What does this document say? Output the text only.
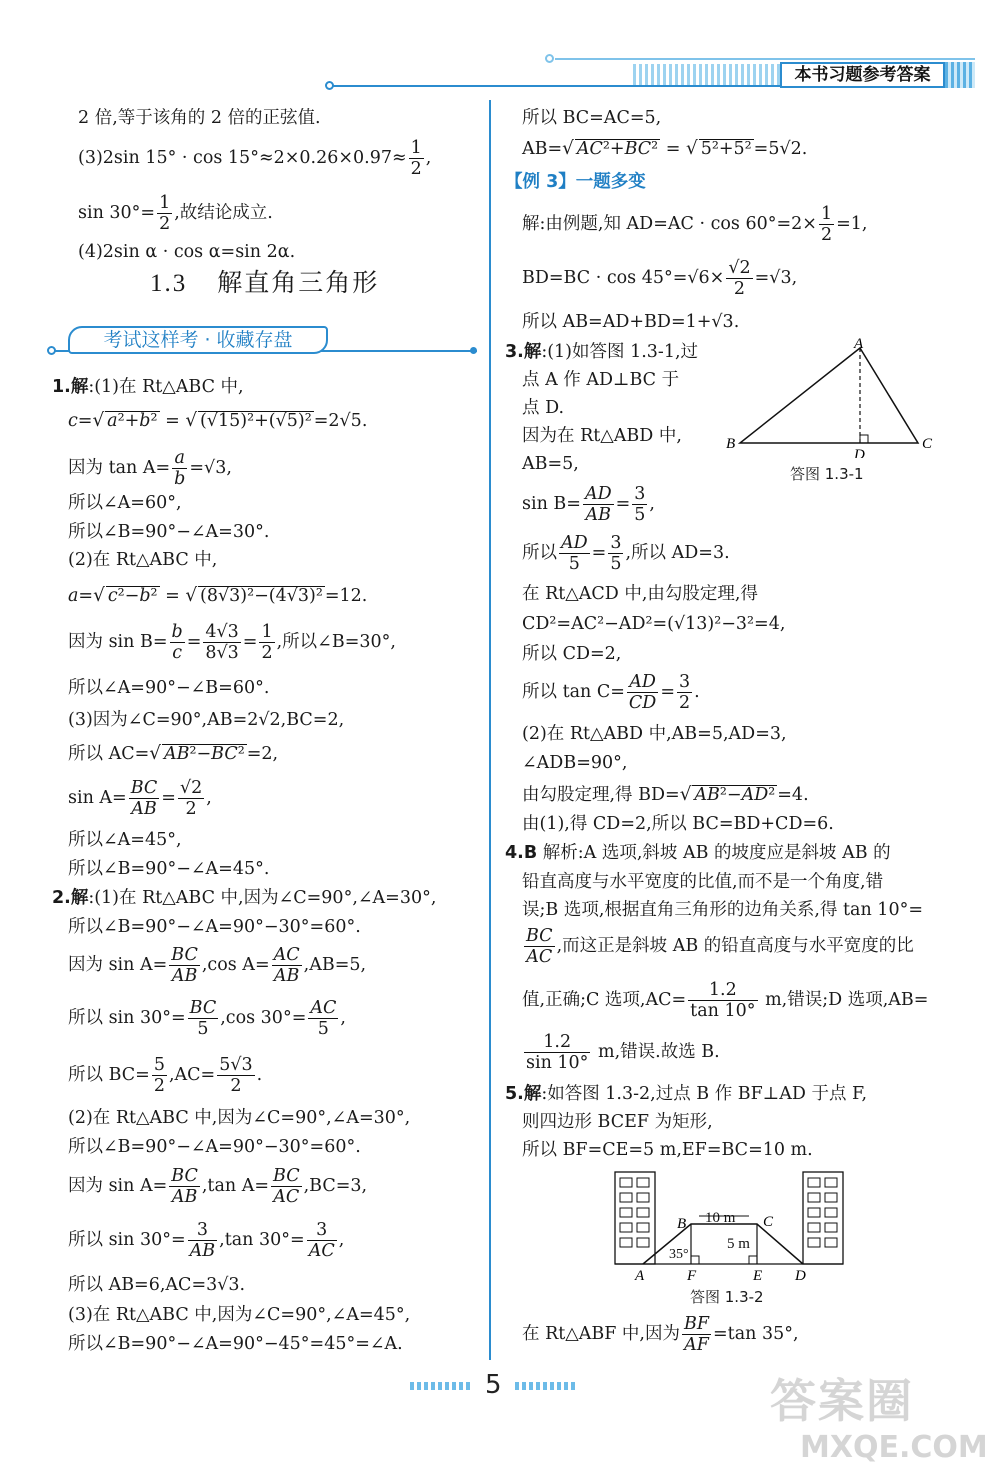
本书习题参考答案
2 倍,等于该角的 2 倍的正弦值.
(3)2sin $15^\circ \cdot \cos 15^\circ\approx 2\times 0.26\times 0.97\approx \frac{1}{2}$ ,
$\sin 30^\circ= \frac{1}{2}$ ,故结论成立.
(4)2sin α · cos α=sin 2α.
1.3 解直角三角形
考试这样考 · 收藏存盘
1.解:(1)在 Rt△ABC 中,
c=√ a²+b² = √ (√15)²+(√5)² =2√5.
因为 $\tan A= \frac{a}{b} =√3$,
所以∠A=60°,
所以∠B=90°−∠A=30°.
(2)在 Rt△ABC 中,
a=√ c²−b² = √ (8√3)²−(4√3)² =12.
因为 $\sin B= \frac{b}{c} = \frac{4√3}{8√3} = \frac{1}{2}$ ,所以∠B=30°,
所以∠A=90°−∠B=60°.
(3)因为∠C=90°,AB=2√2,BC=2,
所以 AC=√ AB²−BC² =2,
$\sin A= \frac{BC}{AB} = \frac{√2}{2}$ ,
所以∠A=45°,
所以∠B=90°−∠A=45°.
2.解:(1)在 Rt△ABC 中,因为∠C=90°,∠A=30°,
所以∠B=90°−∠A=90°−30°=60°.
因为 $\sin A= \frac{BC}{AB} ,\cos$ $A= \frac{AC}{AB} ,AB=5$,
所以 $\sin 30^\circ= \frac{BC}{5} ,\cos$ $30^\circ= \frac{AC}{5}$ ,
所以 $BC= \frac{5}{2} ,AC= \frac{5√3}{2}$ .
(2)在 Rt△ABC 中,因为∠C=90°,∠A=30°,
所以∠B=90°−∠A=90°−30°=60°.
因为 $\sin A= \frac{BC}{AB} ,\tan$ $A= \frac{BC}{AC} ,BC=3$,
所以 $\sin 30^\circ= \frac{3}{AB} ,\tan$ $30^\circ= \frac{3}{AC}$ ,
所以 AB=6,AC=3√3.
(3)在 Rt△ABC 中,因为∠C=90°,∠A=45°,
所以∠B=90°−∠A=90°−45°=45°=∠A.
所以 BC=AC=5,
AB=√ AC²+BC² = √ 5²+5² =5√2.
【例 3】一题多变
解:由例题,知 $AD=AC \cdot \cos 60^\circ=2\times \frac{1}{2} =1$,
$BD=BC \cdot \cos 45^\circ=√6\times \frac{√2}{2} =√3$,
所以 AB=AD+BD=1+√3.
3.解:(1)如答图 1.3-1,过
点 A 作 AD⊥BC 于
点 D.
因为在 Rt△ABD 中,
AB=5,
A
B	C
D
答图 1.3-1
$\sin B= \frac{AD}{AB} = \frac{3}{5}$ ,
所以 $\frac{AD}{5} = \frac{3}{5}$ ,所以 AD=3.
在 Rt△ACD 中,由勾股定理,得
CD²=AC²−AD²=(√13)²−3²=4,
所以 CD=2,
所以 $\tan C= \frac{AD}{CD} = \frac{3}{2}$ .
(2)在 Rt△ABD 中,AB=5,AD=3,
∠ADB=90°,
由勾股定理,得 BD=√ AB²−AD² =4.
由(1),得 CD=2,所以 BC=BD+CD=6.
4.B 解析:A 选项,斜坡 AB 的坡度应是斜坡 AB 的
铅直高度与水平宽度的比值,而不是一个角度,错
误;B 选项,根据直角三角形的边角关系,得 tan 10°=
$\frac{BC}{AC}$ ,而这正是斜坡 AB 的铅直高度与水平宽度的比
值,正确;C 选项$,AC= \frac{1.2}{\tan 10^\circ} m$,错误;D 选项,AB=
$\frac{1.2}{\sin 10^\circ} m$,错误.故选 B.
5.解:如答图 1.3-2,过点 B 作 BF⊥AD 于点 F,
则四边形 BCEF 为矩形,
所以 BF=CE=5 m,EF=BC=10 m.
10 m
5 m
35°
B	C
A	F	E D
答图 1.3-2
在 Rt△ABF 中,因为 $\frac{BF}{AF} =\tan$ 35°,
5	答案圈
MXQE.COM
